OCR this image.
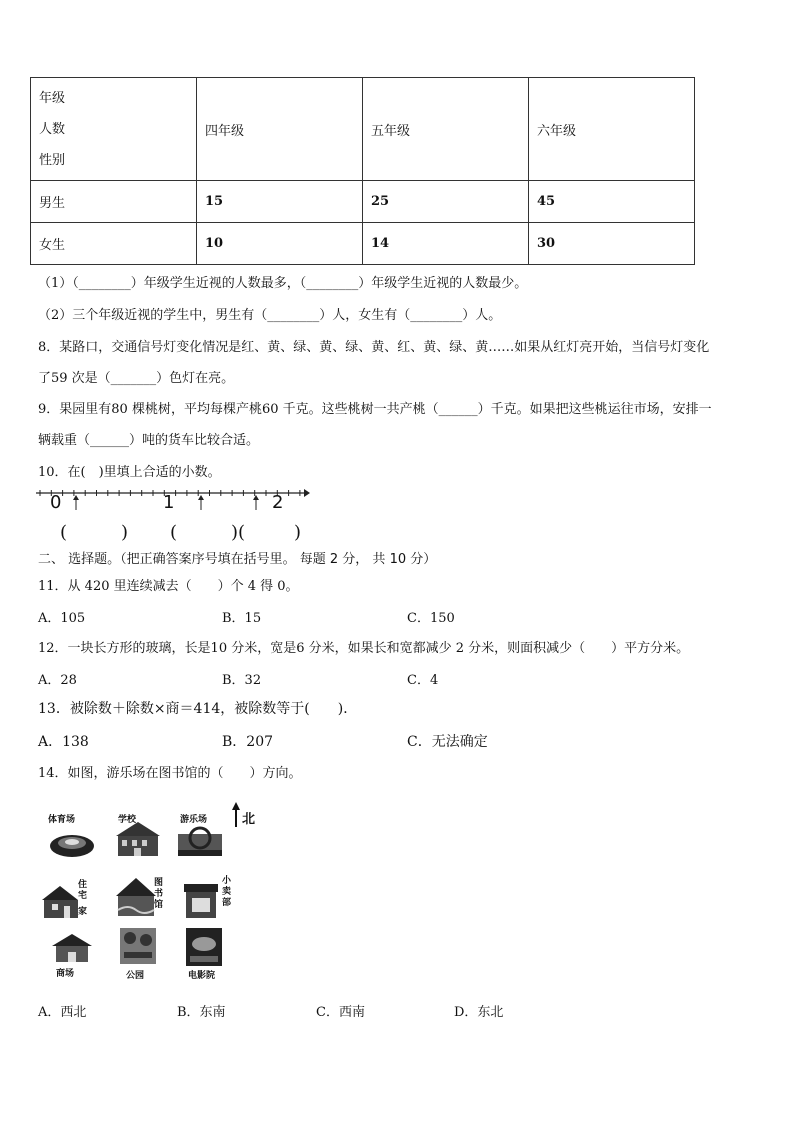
年级
人数
性别	四年级	五年级	六年级
男生	15	25	45
女生	10	14	30
（1）（________）年级学生近视的人数最多，（________）年级学生近视的人数最少。
（2）三个年级近视的学生中，男生有（________）人，女生有（________）人。
8．某路口，交通信号灯变化情况是红、黄、绿、黄、绿、黄、红、黄、绿、黄……如果从红灯亮开始，当信号灯变化
了59 次是（_______）色灯在亮。
9．果园里有80 棵桃树，平均每棵产桃60 千克。这些桃树一共产桃（______）千克。如果把这些桃运往市场，安排一
辆载重（______）吨的货车比较合适。
10．在(　)里填上合适的小数。
0	1	2
(　　　) (　　　)(
　　　)
二、 选择题。（把正确答案序号填在括号里。 每题 2 分， 共 10 分）
11．从 420 里连续减去（　　）个 4 得 0。
A．105	B．15	C．150
12．一块长方形的玻璃，长是10 分米，宽是6 分米，如果长和宽都减少 2 分米，则面积减少（　　）平方分米。
A．28	B．32	C．4
13．被除数＋除数×商＝414，被除数等于(　　)．
A．138	B．207	C．无法确定
14．如图，游乐场在图书馆的（　　）方向。
北
体育场	学校	游乐场
住宅
家
图书馆
小卖部
商场	公园	电影院
A．西北	B．东南	C．西南	D．东北
